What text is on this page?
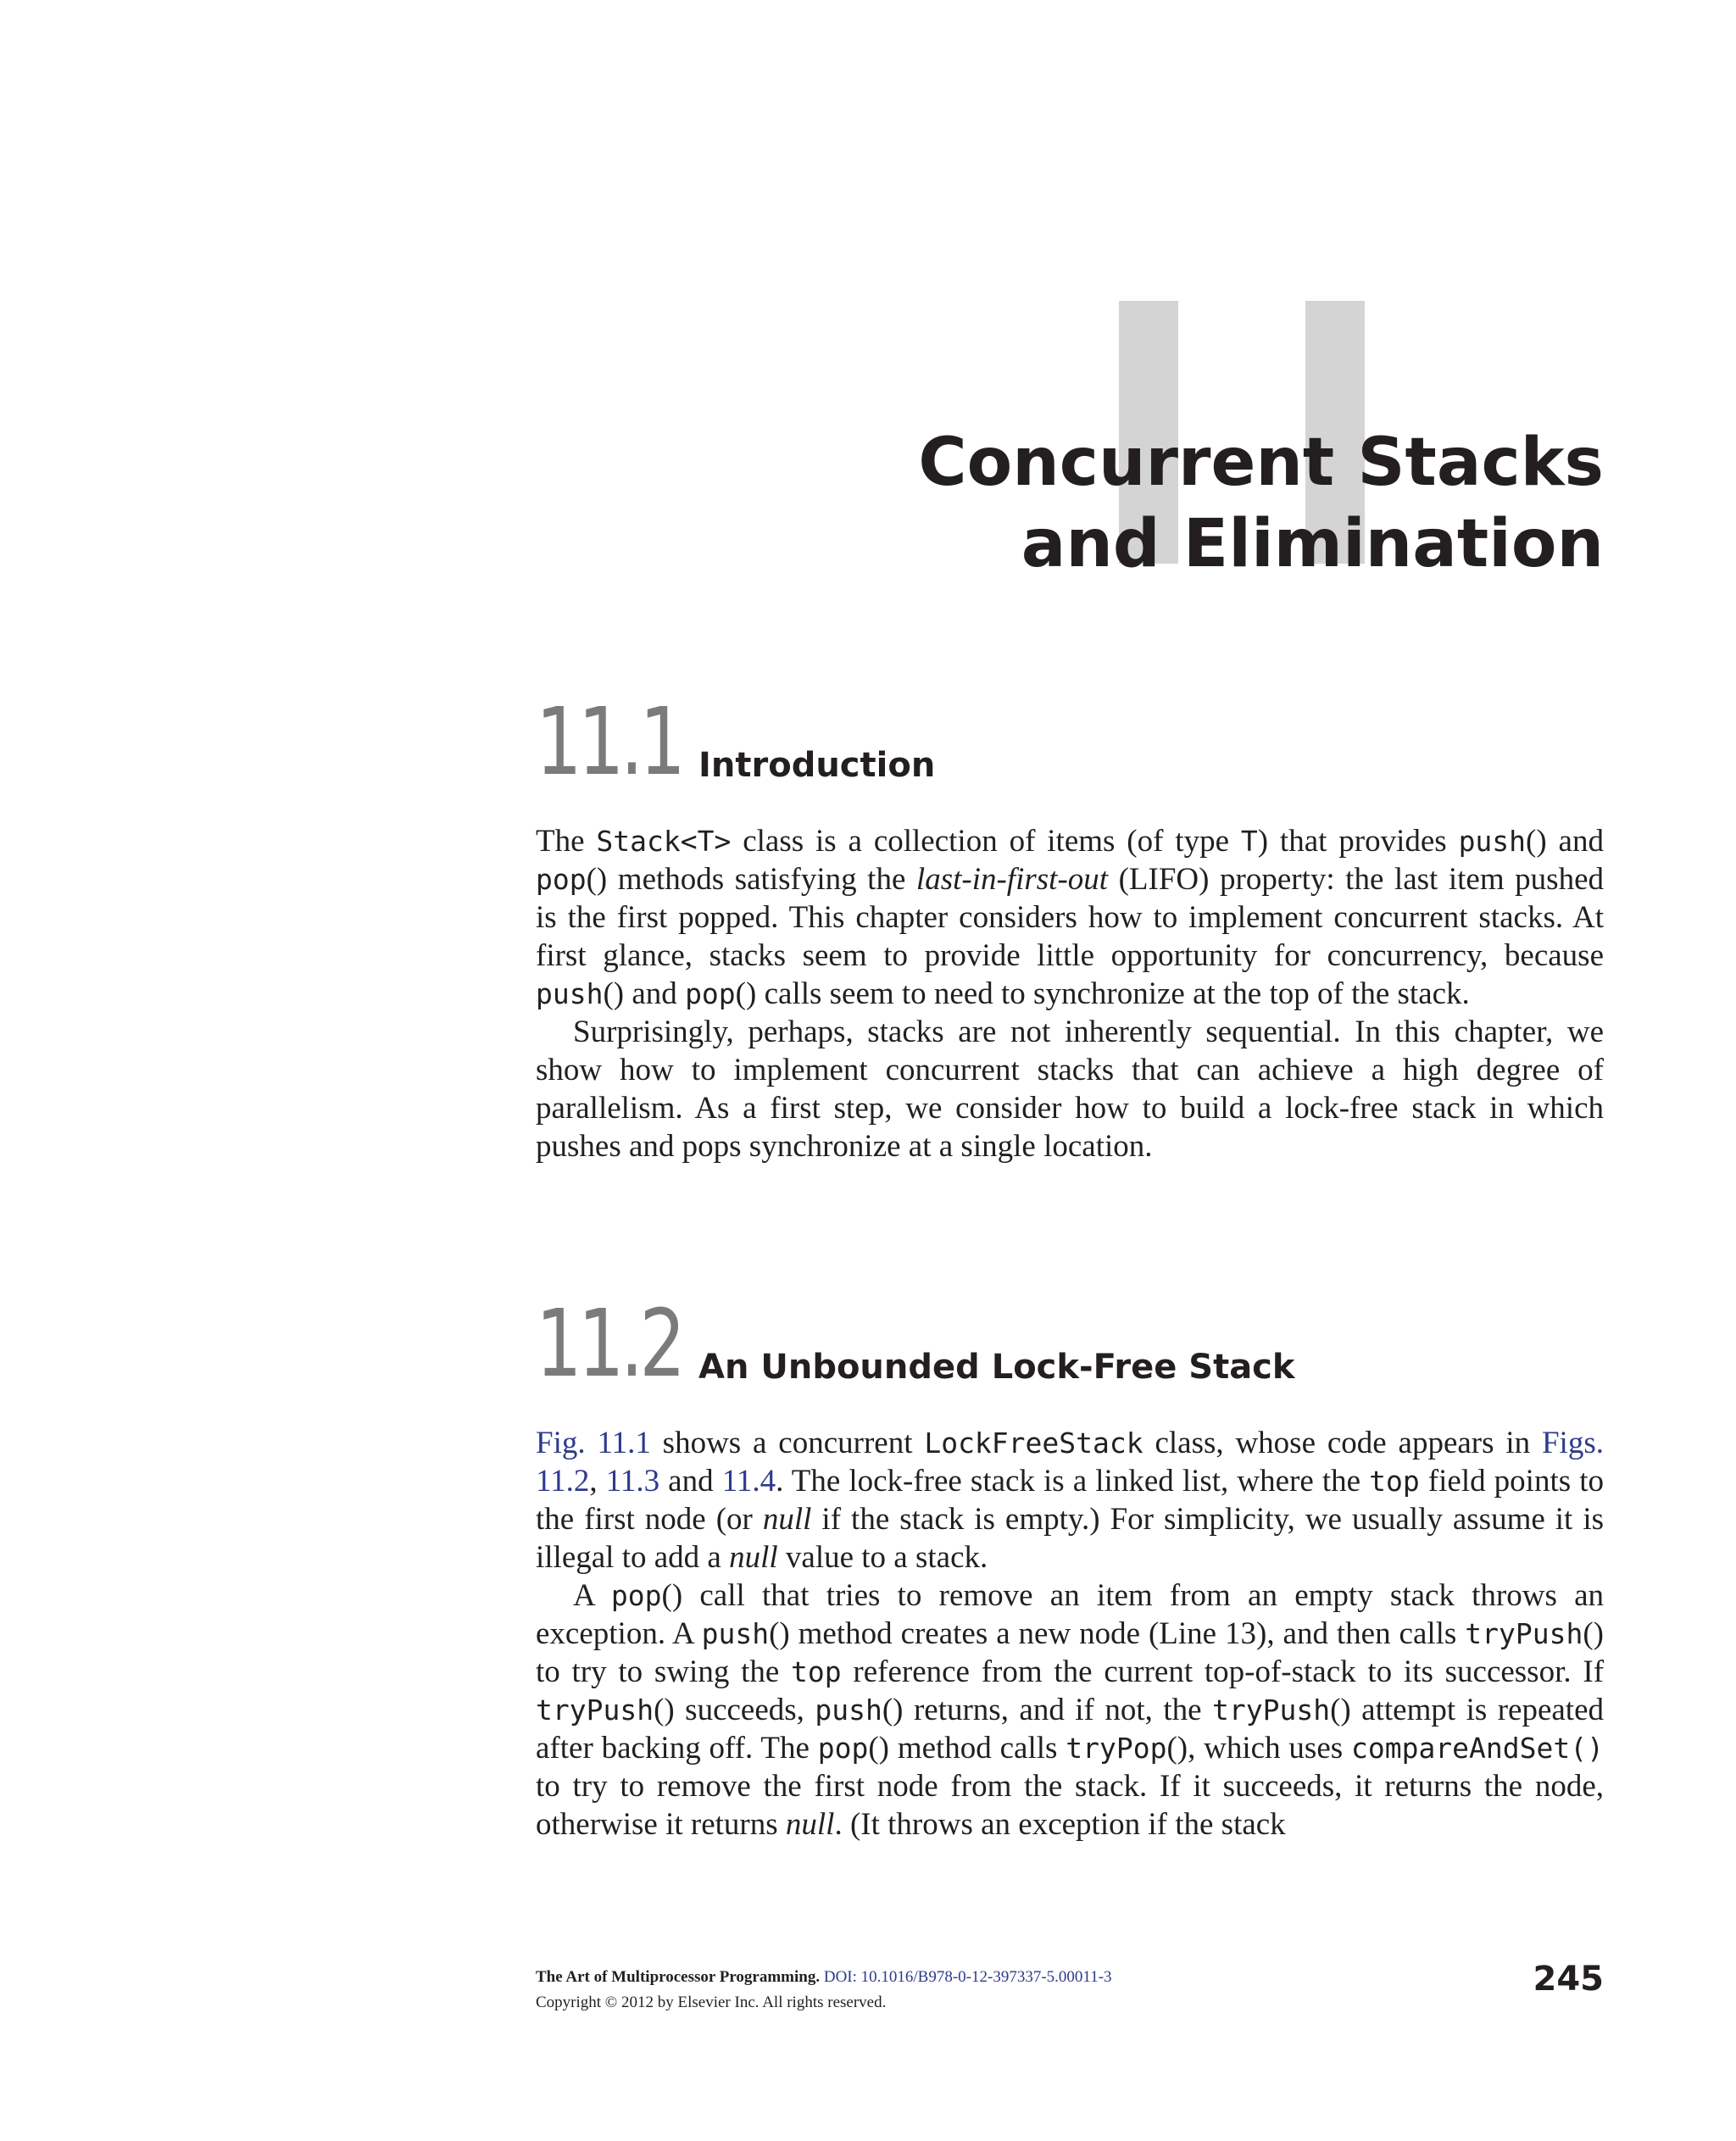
Concurrent Stacks
and Elimination
11.1 Introduction

The Stack<T> class is a collection of items (of type T) that provides push() and pop() methods satisfying the last-in-first-out (LIFO) property: the last item pushed is the first popped. This chapter considers how to implement concurrent stacks. At first glance, stacks seem to provide little opportunity for concurrency, because push() and pop() calls seem to need to synchronize at the top of the stack.

Surprisingly, perhaps, stacks are not inherently sequential. In this chapter, we show how to implement concurrent stacks that can achieve a high degree of parallelism. As a first step, we consider how to build a lock-free stack in which pushes and pops synchronize at a single location.

11.2 An Unbounded Lock-Free Stack

Fig. 11.1 shows a concurrent LockFreeStack class, whose code appears in Figs. 11.2, 11.3 and 11.4. The lock-free stack is a linked list, where the top field points to the first node (or null if the stack is empty.) For simplicity, we usually assume it is illegal to add a null value to a stack.

A pop() call that tries to remove an item from an empty stack throws an exception. A push() method creates a new node (Line 13), and then calls tryPush() to try to swing the top reference from the current top-of-stack to its successor. If tryPush() succeeds, push() returns, and if not, the tryPush() attempt is repeated after backing off. The pop() method calls tryPop(), which uses compareAndSet() to try to remove the first node from the stack. If it succeeds, it returns the node, otherwise it returns null. (It throws an exception if the stack

The Art of Multiprocessor Programming. DOI: 10.1016/B978-0-12-397337-5.00011-3
Copyright © 2012 by Elsevier Inc. All rights reserved.
245
